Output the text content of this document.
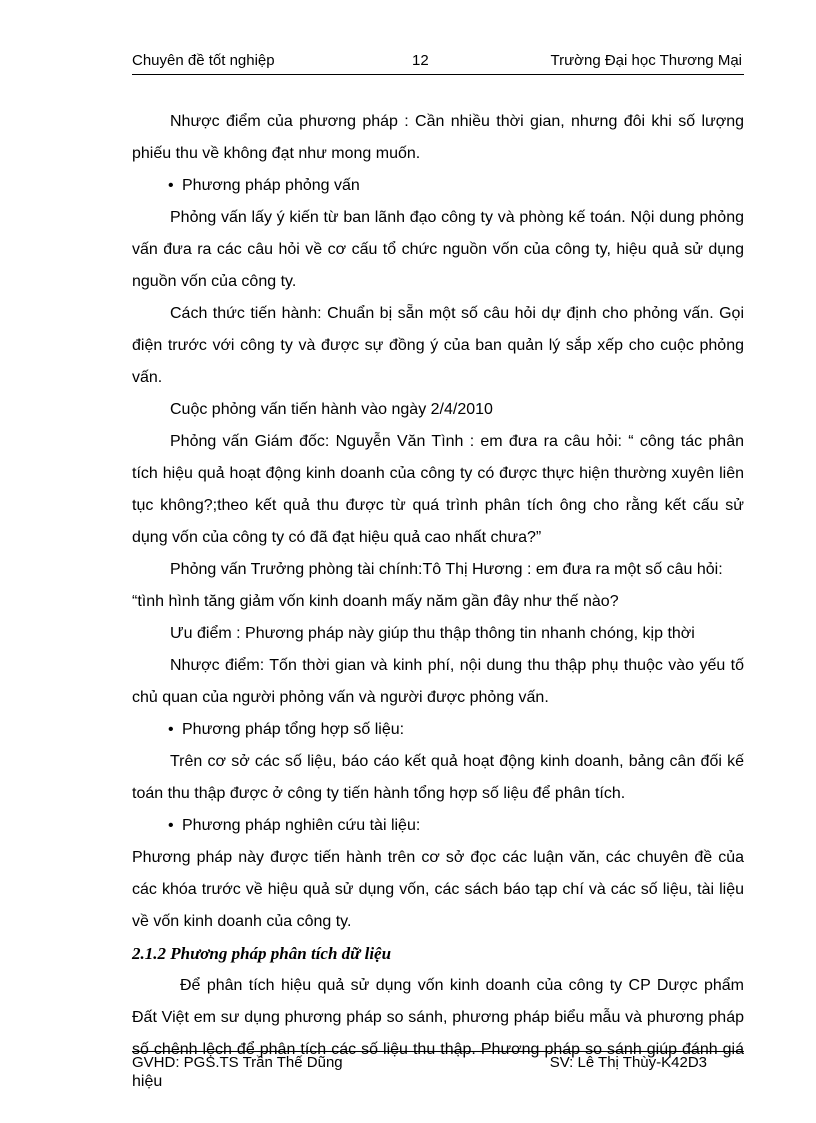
Chuyên đề tốt nghiệp	12	Trường Đại học Thương Mại

Nhược điểm của phương pháp : Cần nhiều thời gian, nhưng đôi khi số lượng phiếu thu về không đạt như mong muốn.

• Phương pháp phỏng vấn

Phỏng vấn lấy ý kiến từ ban lãnh đạo công ty và phòng kế toán. Nội dung phỏng vấn đưa ra các câu hỏi về cơ cấu tổ chức nguồn vốn của công ty, hiệu quả sử dụng nguồn vốn của công ty.

Cách thức tiến hành: Chuẩn bị sẵn một số câu hỏi dự định cho phỏng vấn. Gọi điện trước với công ty và được sự đồng ý của ban quản lý sắp xếp cho cuộc phỏng vấn.

Cuộc phỏng vấn tiến hành vào ngày 2/4/2010

Phỏng vấn Giám đốc: Nguyễn Văn Tình : em đưa ra câu hỏi: “ công tác phân tích hiệu quả hoạt động kinh doanh của công ty có được thực hiện thường xuyên liên tục không?;theo kết quả thu được từ quá trình phân tích ông cho rằng kết cấu sử dụng vốn của công ty có đã đạt hiệu quả cao nhất chưa?”

Phỏng vấn Trưởng phòng tài chính:Tô Thị Hương : em đưa ra một số câu hỏi:

“tình hình tăng giảm vốn kinh doanh mấy năm gần đây như thế nào?

Ưu điểm : Phương pháp này giúp thu thập thông tin nhanh chóng, kịp thời

Nhược điểm: Tốn thời gian và kinh phí, nội dung thu thập phụ thuộc vào yếu tố chủ quan của người phỏng vấn và người được phỏng vấn.

• Phương pháp tổng hợp số liệu:

Trên cơ sở các số liệu, báo cáo kết quả hoạt động kinh doanh, bảng cân đối kế toán thu thập được ở công ty tiến hành tổng hợp số liệu để phân tích.

• Phương pháp nghiên cứu tài liệu:

Phương pháp này được tiến hành trên cơ sở đọc các luận văn, các chuyên đề của các khóa trước về hiệu quả sử dụng vốn, các sách báo tạp chí và các số liệu, tài liệu về vốn kinh doanh của công ty.

2.1.2 Phương pháp phân tích dữ liệu

Để phân tích hiệu quả sử dụng vốn kinh doanh của công ty CP Dược phẩm Đất Việt em sư dụng phương pháp so sánh, phương pháp biểu mẫu và phương pháp số chênh lệch để phân tích các số liệu thu thập. Phương pháp so sánh giúp đánh giá hiệu

GVHD: PGS.TS Trần Thế Dũng	SV: Lê Thị Thùy-K42D3
